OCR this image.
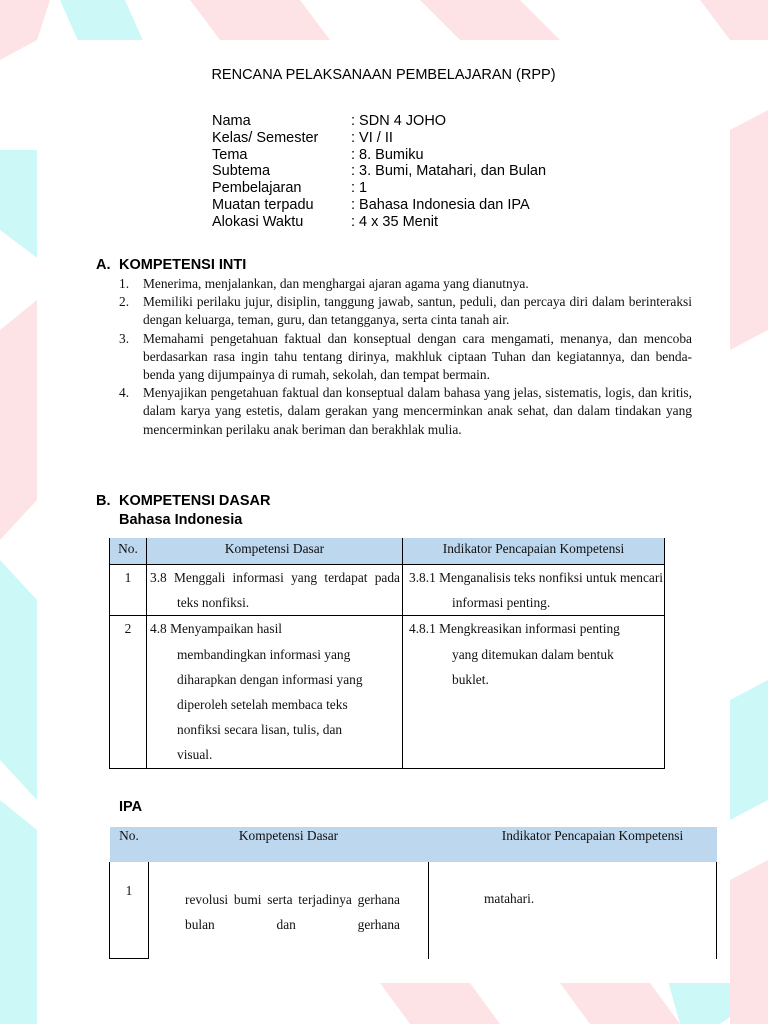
RENCANA PELAKSANAAN PEMBELAJARAN (RPP)
Nama	: SDN 4 JOHO
Kelas/ Semester : VI / II
Tema	: 8. Bumiku
Subtema	: 3. Bumi, Matahari, dan Bulan
Pembelajaran	: 1
Muatan terpadu	: Bahasa Indonesia dan IPA
Alokasi Waktu	: 4 x 35 Menit
A. KOMPETENSI INTI
1. Menerima, menjalankan, dan menghargai ajaran agama yang dianutnya.
2. Memiliki perilaku jujur, disiplin, tanggung jawab, santun, peduli, dan percaya diri dalam berinteraksi dengan keluarga, teman, guru, dan tetangganya, serta cinta tanah air.
3. Memahami pengetahuan faktual dan konseptual dengan cara mengamati, menanya, dan mencoba berdasarkan rasa ingin tahu tentang dirinya, makhluk ciptaan Tuhan dan kegiatannya, dan benda-benda yang dijumpainya di rumah, sekolah, dan tempat bermain.
4. Menyajikan pengetahuan faktual dan konseptual dalam bahasa yang jelas, sistematis, logis, dan kritis, dalam karya yang estetis, dalam gerakan yang mencerminkan anak sehat, dan dalam tindakan yang mencerminkan perilaku anak beriman dan berakhlak mulia.
B. KOMPETENSI DASAR
Bahasa Indonesia
No.	Kompetensi Dasar	Indikator Pencapaian Kompetensi
1	3.8 Menggali informasi yang terdapat pada teks nonfiksi.	3.8.1 Menganalisis teks nonfiksi untuk mencari informasi penting.

2	4.8 Menyampaikan hasil membandingkan informasi yang diharapkan dengan informasi yang diperoleh setelah membaca teks nonfiksi secara lisan, tulis, dan visual.	4.8.1 Mengkreasikan informasi penting yang ditemukan dalam bentuk buklet.
IPA
No.	Kompetensi Dasar	Indikator Pencapaian Kompetensi
1	revolusi bumi serta terjadinya gerhana bulan dan gerhana	matahari.
